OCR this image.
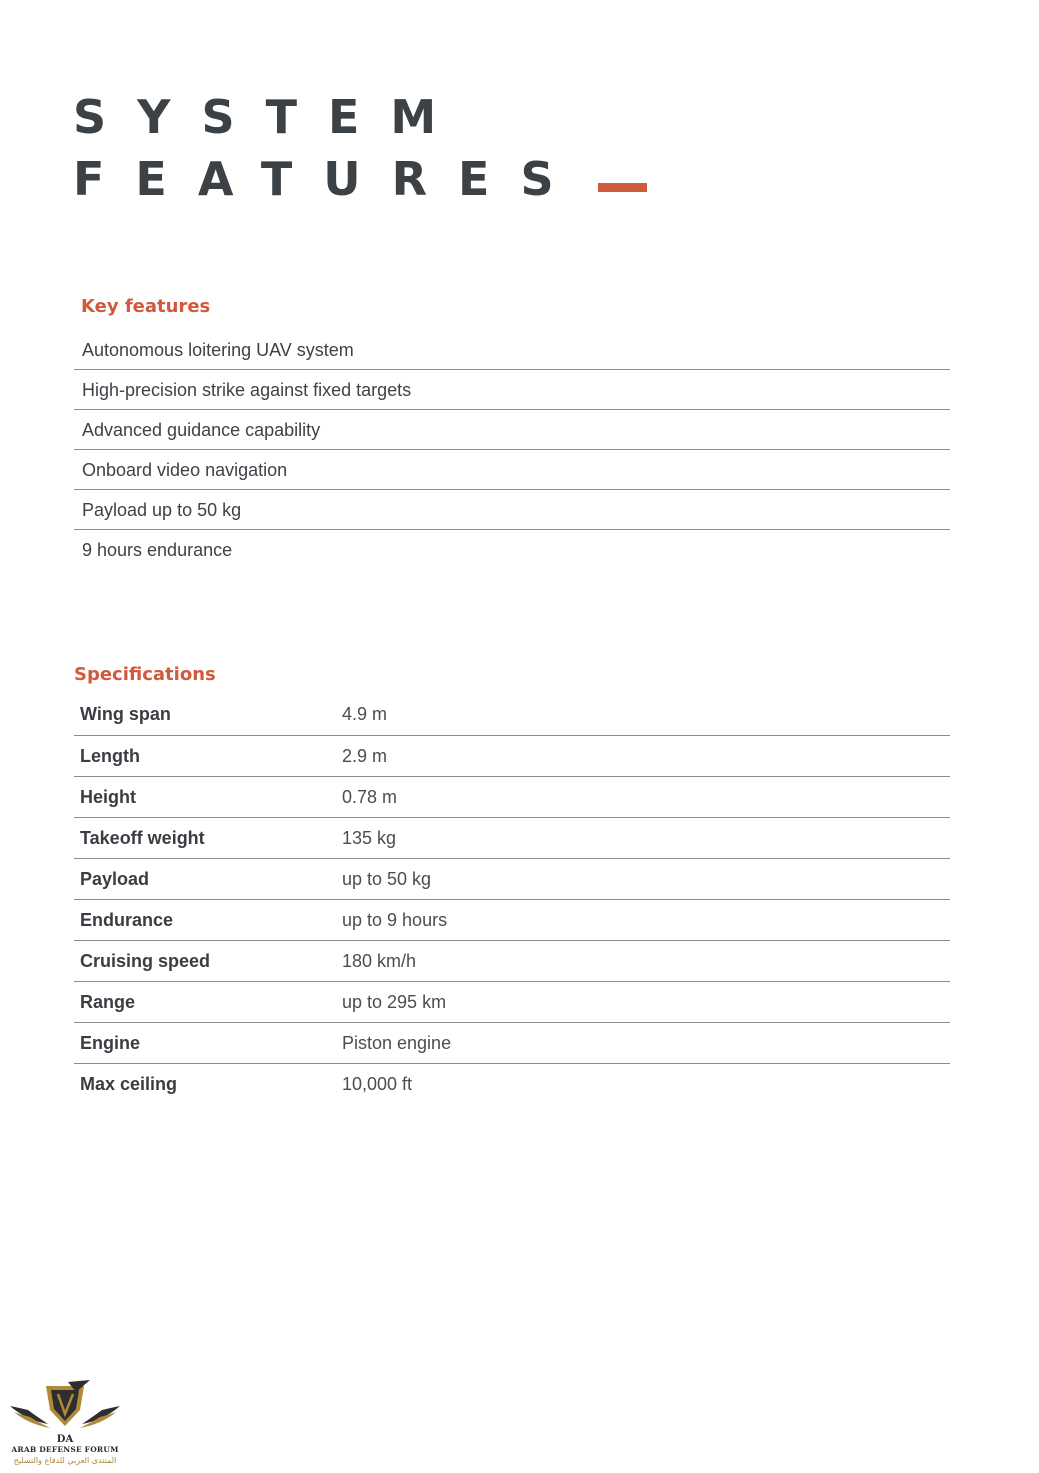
SYSTEM
FEATURES
Key features
Autonomous loitering UAV system
High-precision strike against fixed targets
Advanced guidance capability
Onboard video navigation
Payload up to 50 kg
9 hours endurance
Specifications
Wing span	4.9 m
Length	2.9 m
Height	0.78 m
Takeoff weight	135 kg
Payload	up to 50 kg
Endurance	up to 9 hours
Cruising speed	180 km/h
Range	up to 295 km
Engine	Piston engine
Max ceiling	10,000 ft
DA
ARAB DEFENSE FORUM
المنتدى العربي للدفاع والتسليح
